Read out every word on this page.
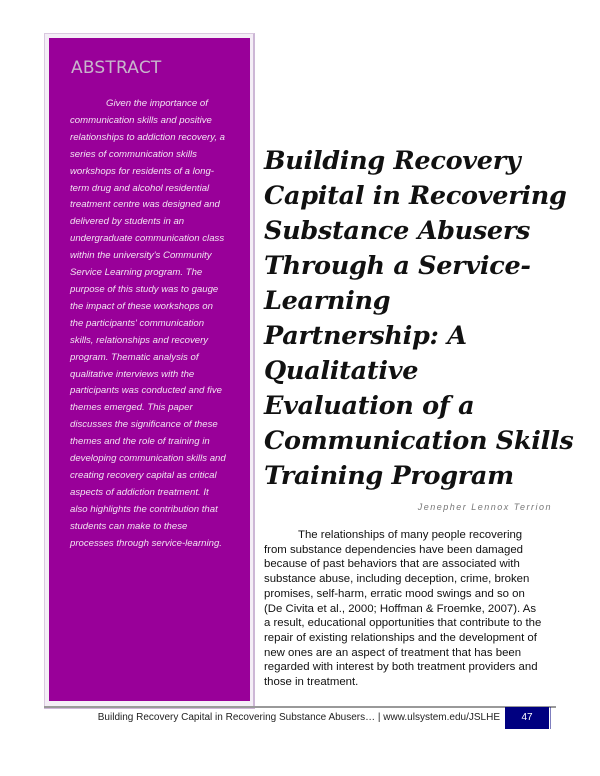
ABSTRACT
Given the importance of
communication skills and positive
relationships to addiction recovery, a
series of communication skills
workshops for residents of a long-
term drug and alcohol residential
treatment centre was designed and
delivered by students in an
undergraduate communication class
within the university's Community
Service Learning program. The
purpose of this study was to gauge
the impact of these workshops on
the participants' communication
skills, relationships and recovery
program. Thematic analysis of
qualitative interviews with the
participants was conducted and five
themes emerged. This paper
discusses the significance of these
themes and the role of training in
developing communication skills and
creating recovery capital as critical
aspects of addiction treatment. It
also highlights the contribution that
students can make to these
processes through service-learning.
Building Recovery
Capital in Recovering
Substance Abusers
Through a Service-
Learning
Partnership: A
Qualitative
Evaluation of a
Communication Skills
Training Program
Jenepher Lennox Terrion
The relationships of many people recovering
from substance dependencies have been damaged
because of past behaviors that are associated with
substance abuse, including deception, crime, broken
promises, self-harm, erratic mood swings and so on
(De Civita et al., 2000; Hoffman & Froemke, 2007). As
a result, educational opportunities that contribute to the
repair of existing relationships and the development of
new ones are an aspect of treatment that has been
regarded with interest by both treatment providers and
those in treatment.
Building Recovery Capital in Recovering Substance Abusers… | www.ulsystem.edu/JSLHE	47
